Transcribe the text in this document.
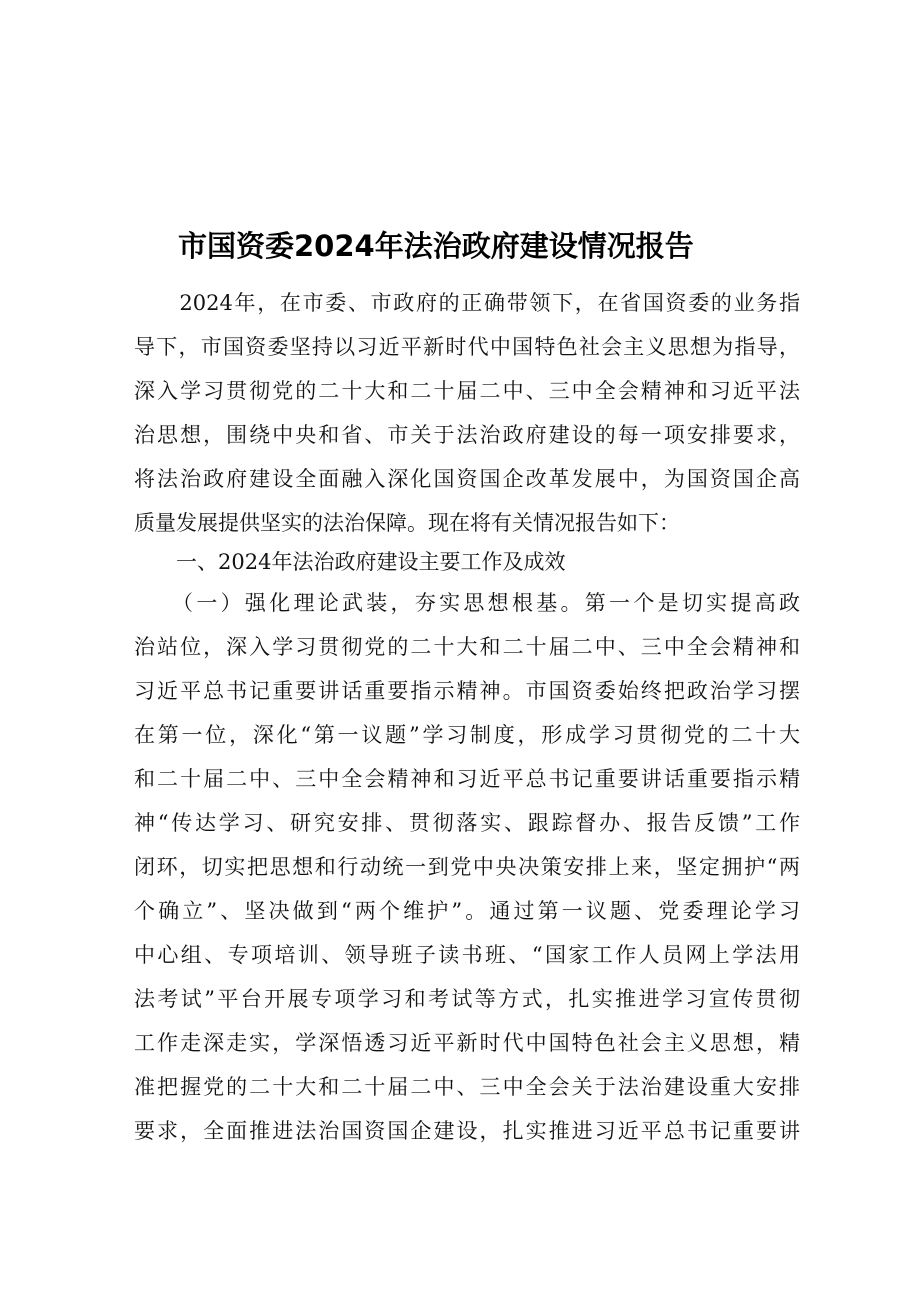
市国资委2024年法治政府建设情况报告
　　2024年，在市委、市政府的正确带领下，在省国资委的业务指
导下，市国资委坚持以习近平新时代中国特色社会主义思想为指导，
深入学习贯彻党的二十大和二十届二中、三中全会精神和习近平法
治思想，围绕中央和省、市关于法治政府建设的每一项安排要求，
将法治政府建设全面融入深化国资国企改革发展中，为国资国企高
质量发展提供坚实的法治保障。现在将有关情况报告如下：
　　一、2024年法治政府建设主要工作及成效
　　（一）强化理论武装，夯实思想根基。第一个是切实提高政
治站位，深入学习贯彻党的二十大和二十届二中、三中全会精神和
习近平总书记重要讲话重要指示精神。市国资委始终把政治学习摆
在第一位，深化“第一议题”学习制度，形成学习贯彻党的二十大
和二十届二中、三中全会精神和习近平总书记重要讲话重要指示精
神“传达学习、研究安排、贯彻落实、跟踪督办、报告反馈”工作
闭环，切实把思想和行动统一到党中央决策安排上来，坚定拥护“两
个确立”、坚决做到“两个维护”。通过第一议题、党委理论学习
中心组、专项培训、领导班子读书班、“国家工作人员网上学法用
法考试”平台开展专项学习和考试等方式，扎实推进学习宣传贯彻
工作走深走实，学深悟透习近平新时代中国特色社会主义思想，精
准把握党的二十大和二十届二中、三中全会关于法治建设重大安排
要求，全面推进法治国资国企建设，扎实推进习近平总书记重要讲
